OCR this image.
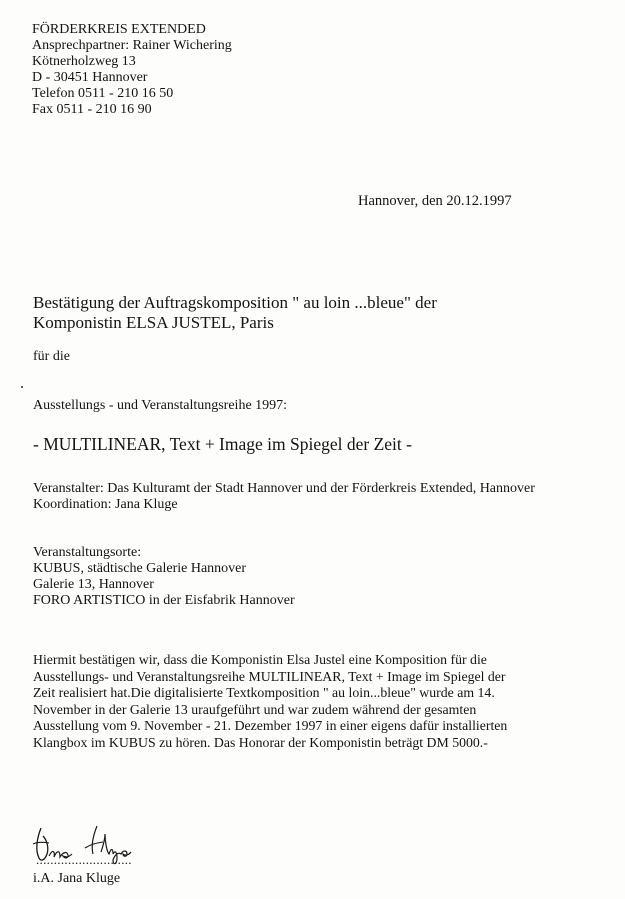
FÖRDERKREIS EXTENDED
Ansprechpartner: Rainer Wichering
Kötnerholzweg 13
D - 30451 Hannover
Telefon 0511 - 210 16 50
Fax 0511 - 210 16 90
Hannover, den 20.12.1997
Bestätigung der Auftragskomposition " au loin ...bleue" der
Komponistin ELSA JUSTEL, Paris
für die
Ausstellungs - und Veranstaltungsreihe 1997:
- MULTILINEAR, Text + Image im Spiegel der Zeit -
Veranstalter: Das Kulturamt der Stadt Hannover und der Förderkreis Extended, Hannover
Koordination: Jana Kluge
Veranstaltungsorte:
KUBUS, städtische Galerie Hannover
Galerie 13, Hannover
FORO ARTISTICO in der Eisfabrik Hannover
Hiermit bestätigen wir, dass die Komponistin Elsa Justel eine Komposition für die
Ausstellungs- und Veranstaltungsreihe MULTILINEAR, Text + Image im Spiegel der
Zeit realisiert hat.Die digitalisierte Textkomposition " au loin...bleue" wurde am 14.
November in der Galerie 13 uraufgeführt und war zudem während der gesamten
Ausstellung vom 9. November - 21. Dezember 1997 in einer eigens dafür installierten
Klangbox im KUBUS zu hören. Das Honorar der Komponistin beträgt DM 5000.-
...........................
i.A. Jana Kluge
